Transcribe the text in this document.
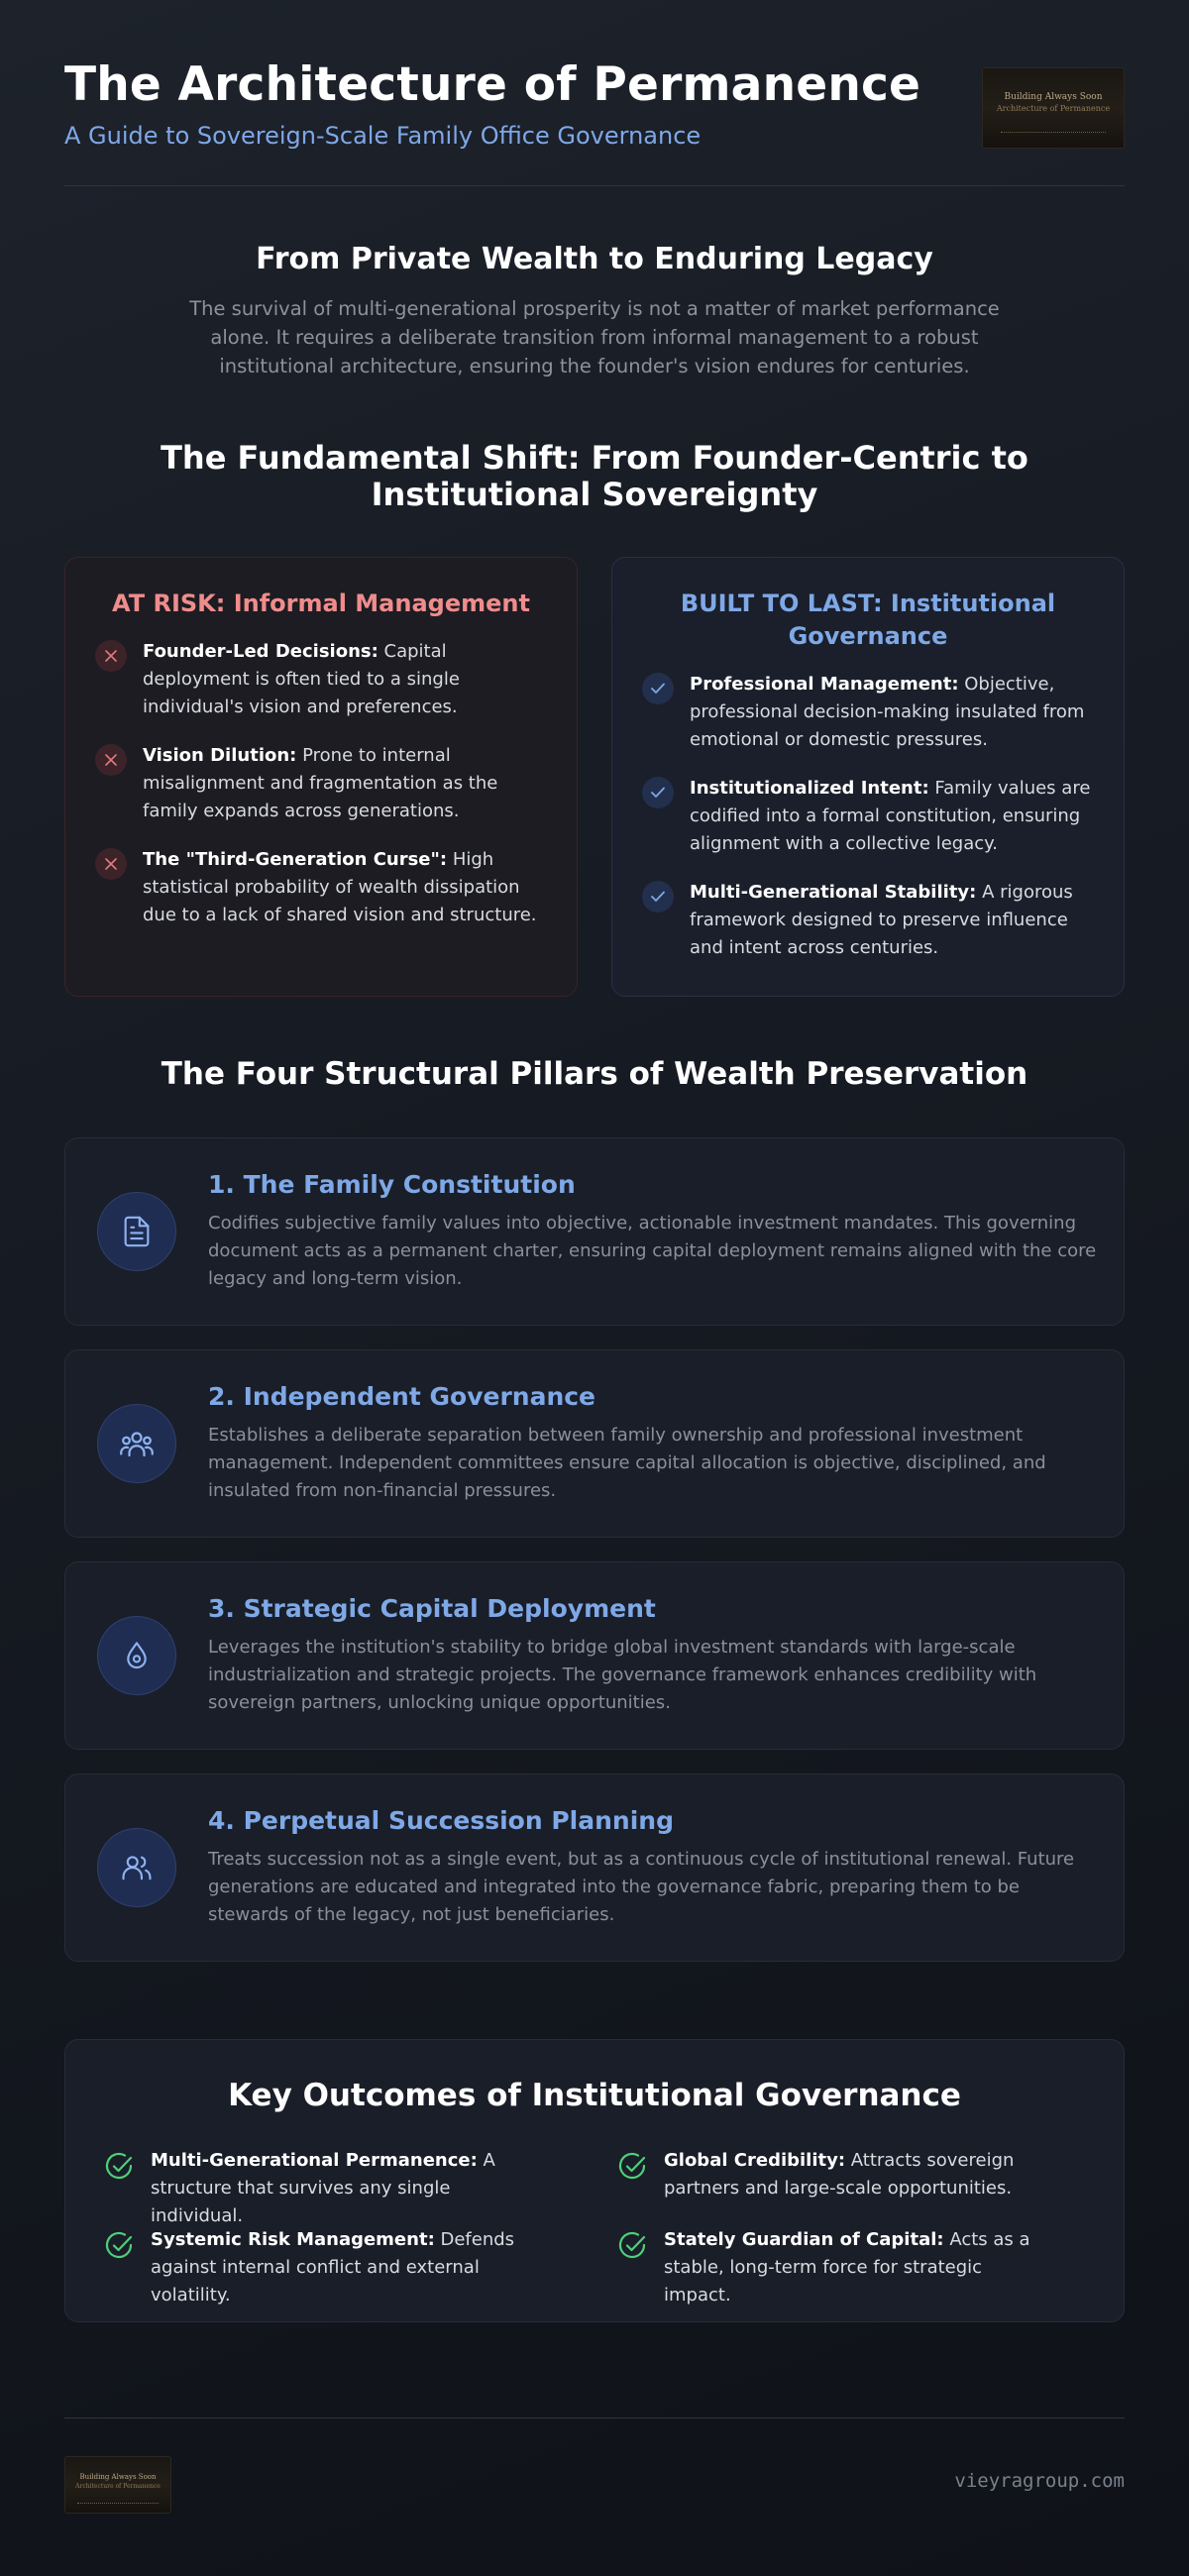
The Architecture of Permanence
A Guide to Sovereign-Scale Family Office Governance
Building Always Soon
Architecture of Permanence
From Private Wealth to Enduring Legacy

The survival of multi-generational prosperity is not a matter of market performance alone. It requires a deliberate transition from informal management to a robust institutional architecture, ensuring the founder's vision endures for centuries.

The Fundamental Shift: From Founder-Centric to Institutional Sovereignty
AT RISK: Informal Management
Founder-Led Decisions: Capital deployment is often tied to a single individual's vision and preferences.
Vision Dilution: Prone to internal misalignment and fragmentation as the family expands across generations.
The "Third-Generation Curse": High statistical probability of wealth dissipation due to a lack of shared vision and structure.
BUILT TO LAST: Institutional Governance
Professional Management: Objective, professional decision-making insulated from emotional or domestic pressures.
Institutionalized Intent: Family values are codified into a formal constitution, ensuring alignment with a collective legacy.
Multi-Generational Stability: A rigorous framework designed to preserve influence and intent across centuries.
The Four Structural Pillars of Wealth Preservation
1. The Family Constitution

Codifies subjective family values into objective, actionable investment mandates. This governing document acts as a permanent charter, ensuring capital deployment remains aligned with the core legacy and long-term vision.

2. Independent Governance

Establishes a deliberate separation between family ownership and professional investment management. Independent committees ensure capital allocation is objective, disciplined, and insulated from non-financial pressures.

3. Strategic Capital Deployment

Leverages the institution's stability to bridge global investment standards with large-scale industrialization and strategic projects. The governance framework enhances credibility with sovereign partners, unlocking unique opportunities.

4. Perpetual Succession Planning

Treats succession not as a single event, but as a continuous cycle of institutional renewal. Future generations are educated and integrated into the governance fabric, preparing them to be stewards of the legacy, not just beneficiaries.

Key Outcomes of Institutional Governance
Multi-Generational Permanence: A structure that survives any single individual.
Global Credibility: Attracts sovereign partners and large-scale opportunities.
Systemic Risk Management: Defends against internal conflict and external volatility.
Stately Guardian of Capital: Acts as a stable, long-term force for strategic impact.
Building Always Soon
Architecture of Permanence	vieyragroup.com
